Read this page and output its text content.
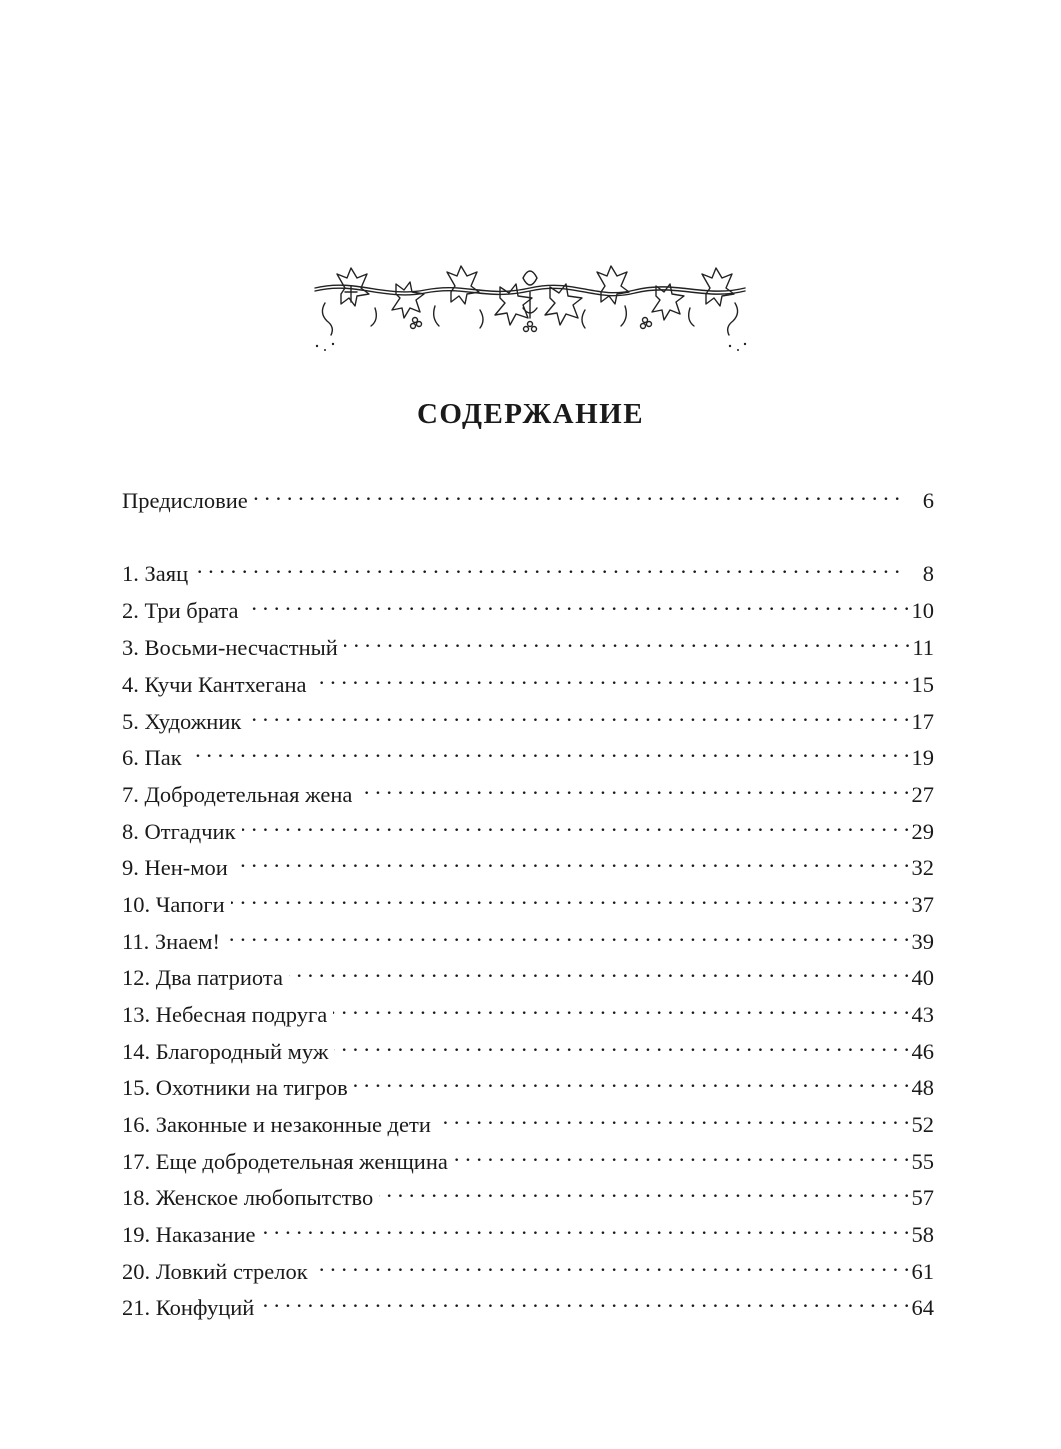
СОДЕРЖАНИЕ
Предисловие . . .	6
1. Заяц . . .	8
2. Три брата . . .	10
3. Восьми-несчастный . . .	11
4. Кучи Кантхегана . . .	15
5. Художник . . .	17
6. Пак . . .	19
7. Добродетельная жена . . .	27
8. Отгадчик . . .	29
9. Нен-мои . . .	32
10. Чапоги . . .	37
11. Знаем! . . .	39
12. Два патриота . . .	40
13. Небесная подруга . . .	43
14. Благородный муж . . .	46
15. Охотники на тигров . . .	48
16. Законные и незаконные дети . . .	52
17. Еще добродетельная женщина . . .	55
18. Женское любопытство . . .	57
19. Наказание . . .	58
20. Ловкий стрелок . . .	61
21. Конфуций . . .	64
